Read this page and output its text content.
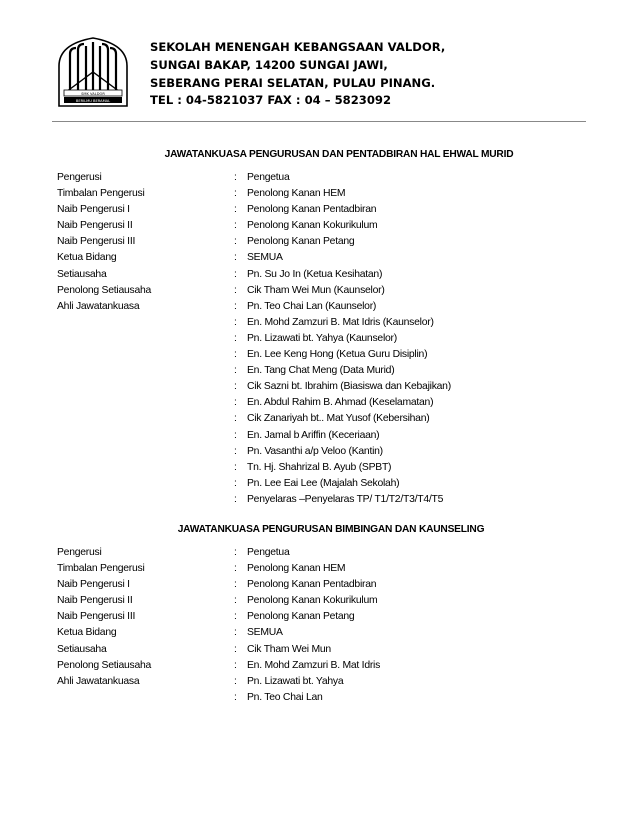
SMK VALDOR
BERILMU BERAMAL
SEKOLAH MENENGAH KEBANGSAAN VALDOR,
SUNGAI BAKAP, 14200 SUNGAI JAWI,
SEBERANG PERAI SELATAN, PULAU PINANG.
TEL : 04-5821037 FAX : 04 – 5823092
JAWATANKUASA PENGURUSAN DAN PENTADBIRAN HAL EHWAL MURID
Pengerusi	: Pengetua
Timbalan Pengerusi	: Penolong Kanan HEM
Naib Pengerusi I	: Penolong Kanan Pentadbiran
Naib Pengerusi II	: Penolong Kanan Kokurikulum
Naib Pengerusi III	: Penolong Kanan Petang
Ketua Bidang	: SEMUA
Setiausaha	: Pn. Su Jo In (Ketua Kesihatan)
Penolong Setiausaha	: Cik Tham Wei Mun (Kaunselor)
Ahli Jawatankuasa	: Pn. Teo Chai Lan (Kaunselor)
: En. Mohd Zamzuri B. Mat Idris (Kaunselor)
: Pn. Lizawati bt. Yahya (Kaunselor)
: En. Lee Keng Hong (Ketua Guru Disiplin)
: En. Tang Chat Meng (Data Murid)
: Cik Sazni bt. Ibrahim (Biasiswa dan Kebajikan)
: En. Abdul Rahim B. Ahmad (Keselamatan)
: Cik Zanariyah bt.. Mat Yusof (Kebersihan)
: En. Jamal b Ariffin (Keceriaan)
: Pn. Vasanthi a/p Veloo (Kantin)
: Tn. Hj. Shahrizal B. Ayub (SPBT)
: Pn. Lee Eai Lee (Majalah Sekolah)
: Penyelaras –Penyelaras TP/ T1/T2/T3/T4/T5
JAWATANKUASA PENGURUSAN BIMBINGAN DAN KAUNSELING
Pengerusi	: Pengetua
Timbalan Pengerusi	: Penolong Kanan HEM
Naib Pengerusi I	: Penolong Kanan Pentadbiran
Naib Pengerusi II	: Penolong Kanan Kokurikulum
Naib Pengerusi III	: Penolong Kanan Petang
Ketua Bidang	: SEMUA
Setiausaha	: Cik Tham Wei Mun
Penolong Setiausaha	: En. Mohd Zamzuri B. Mat Idris
Ahli Jawatankuasa	: Pn. Lizawati bt. Yahya
: Pn. Teo Chai Lan
